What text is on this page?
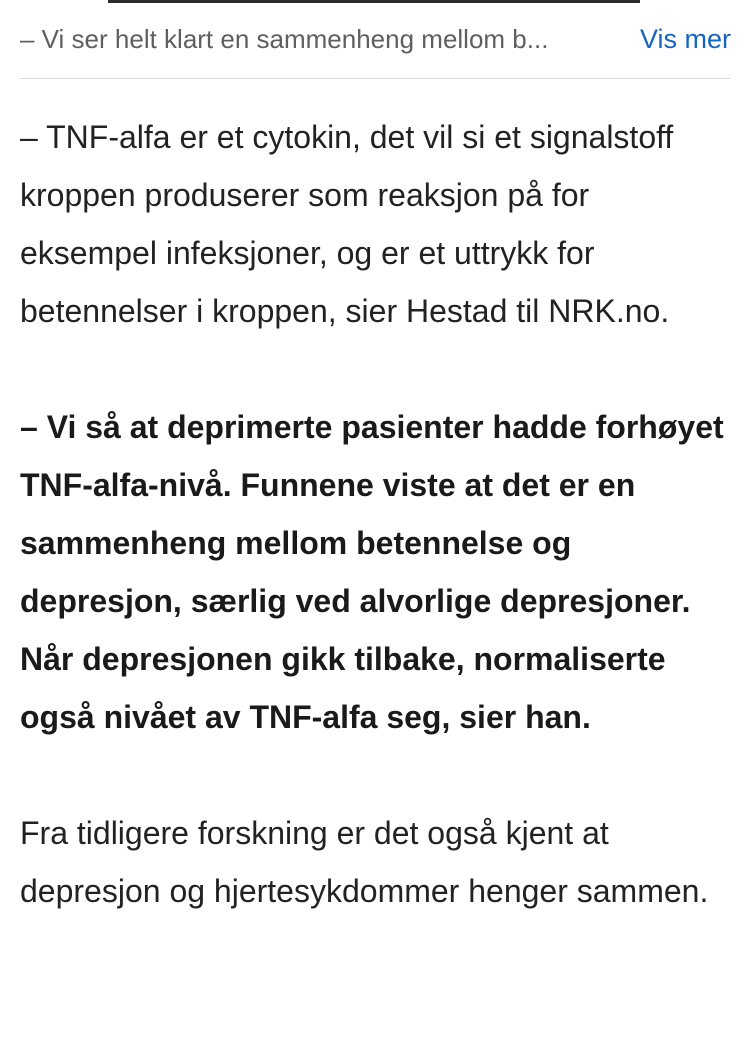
– Vi ser helt klart en sammenheng mellom b...	Vis mer

– TNF-alfa er et cytokin, det vil si et signalstoff kroppen produserer som reaksjon på for eksempel infeksjoner, og er et uttrykk for betennelser i kroppen, sier Hestad til NRK.no.

– Vi så at deprimerte pasienter hadde forhøyet TNF-alfa-nivå. Funnene viste at det er en sammenheng mellom betennelse og depresjon, særlig ved alvorlige depresjoner. Når depresjonen gikk tilbake, normaliserte også nivået av TNF-alfa seg, sier han.

Fra tidligere forskning er det også kjent at depresjon og hjertesykdommer henger sammen.
